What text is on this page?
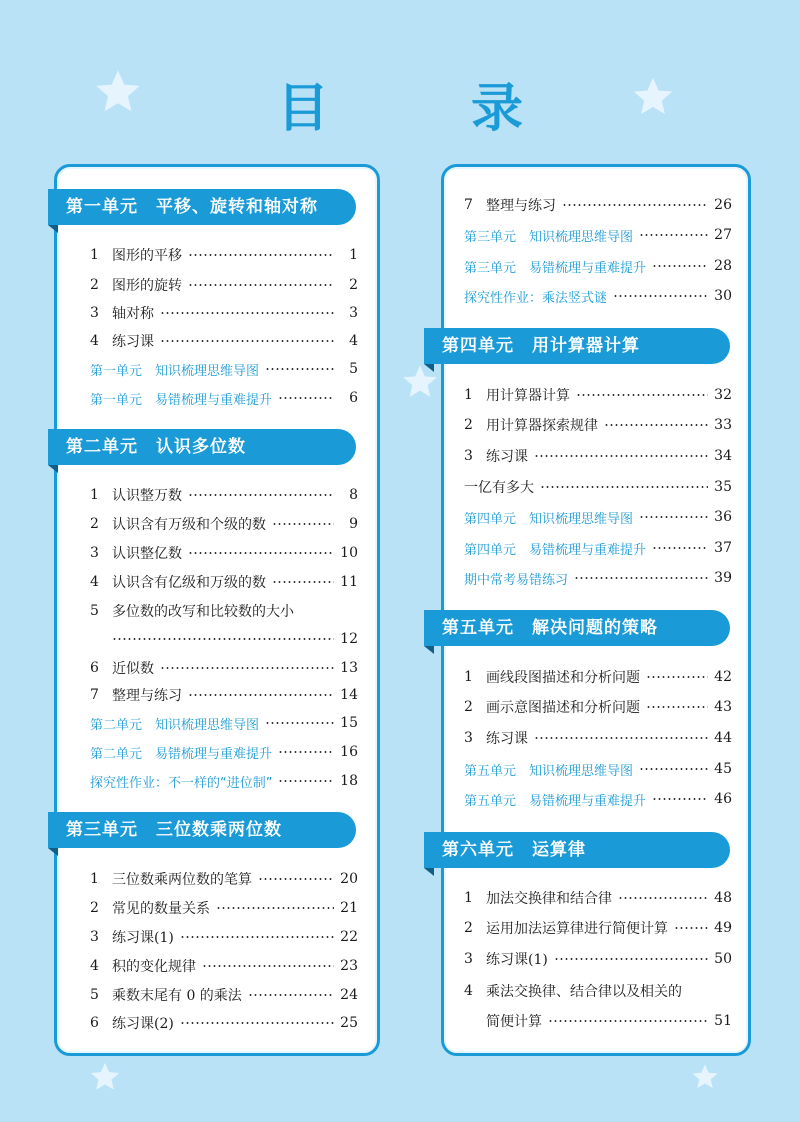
目 录
第一单元　平移、旋转和轴对称
1 图形的平移	1
2 图形的旋转	2
3 轴对称	3
4 练习课	4
第一单元　知识梳理思维导图	5
第一单元　易错梳理与重难提升	6
第二单元　认识多位数
1 认识整万数	8
2 认识含有万级和个级的数	9
3 认识整亿数	10
4 认识含有亿级和万级的数	11
5 多位数的改写和比较数的大小
12
6 近似数	13
7 整理与练习	14
第二单元　知识梳理思维导图	15
第二单元　易错梳理与重难提升	16
探究性作业：不一样的“进位制”	18
第三单元　三位数乘两位数
1 三位数乘两位数的笔算	20
2 常见的数量关系	21
3 练习课(1)	22
4 积的变化规律	23
5 乘数末尾有 0 的乘法	24
6 练习课(2)	25
7 整理与练习	26
第三单元　知识梳理思维导图	27
第三单元　易错梳理与重难提升	28
探究性作业：乘法竖式谜	30
第四单元　用计算器计算
1 用计算器计算	32
2 用计算器探索规律	33
3 练习课	34
一亿有多大	35
第四单元　知识梳理思维导图	36
第四单元　易错梳理与重难提升	37
期中常考易错练习	39
第五单元　解决问题的策略
1 画线段图描述和分析问题	42
2 画示意图描述和分析问题	43
3 练习课	44
第五单元　知识梳理思维导图	45
第五单元　易错梳理与重难提升	46
第六单元　运算律
1 加法交换律和结合律	48
2 运用加法运算律进行简便计算	49
3 练习课(1)	50
4 乘法交换律、结合律以及相关的
简便计算	51
